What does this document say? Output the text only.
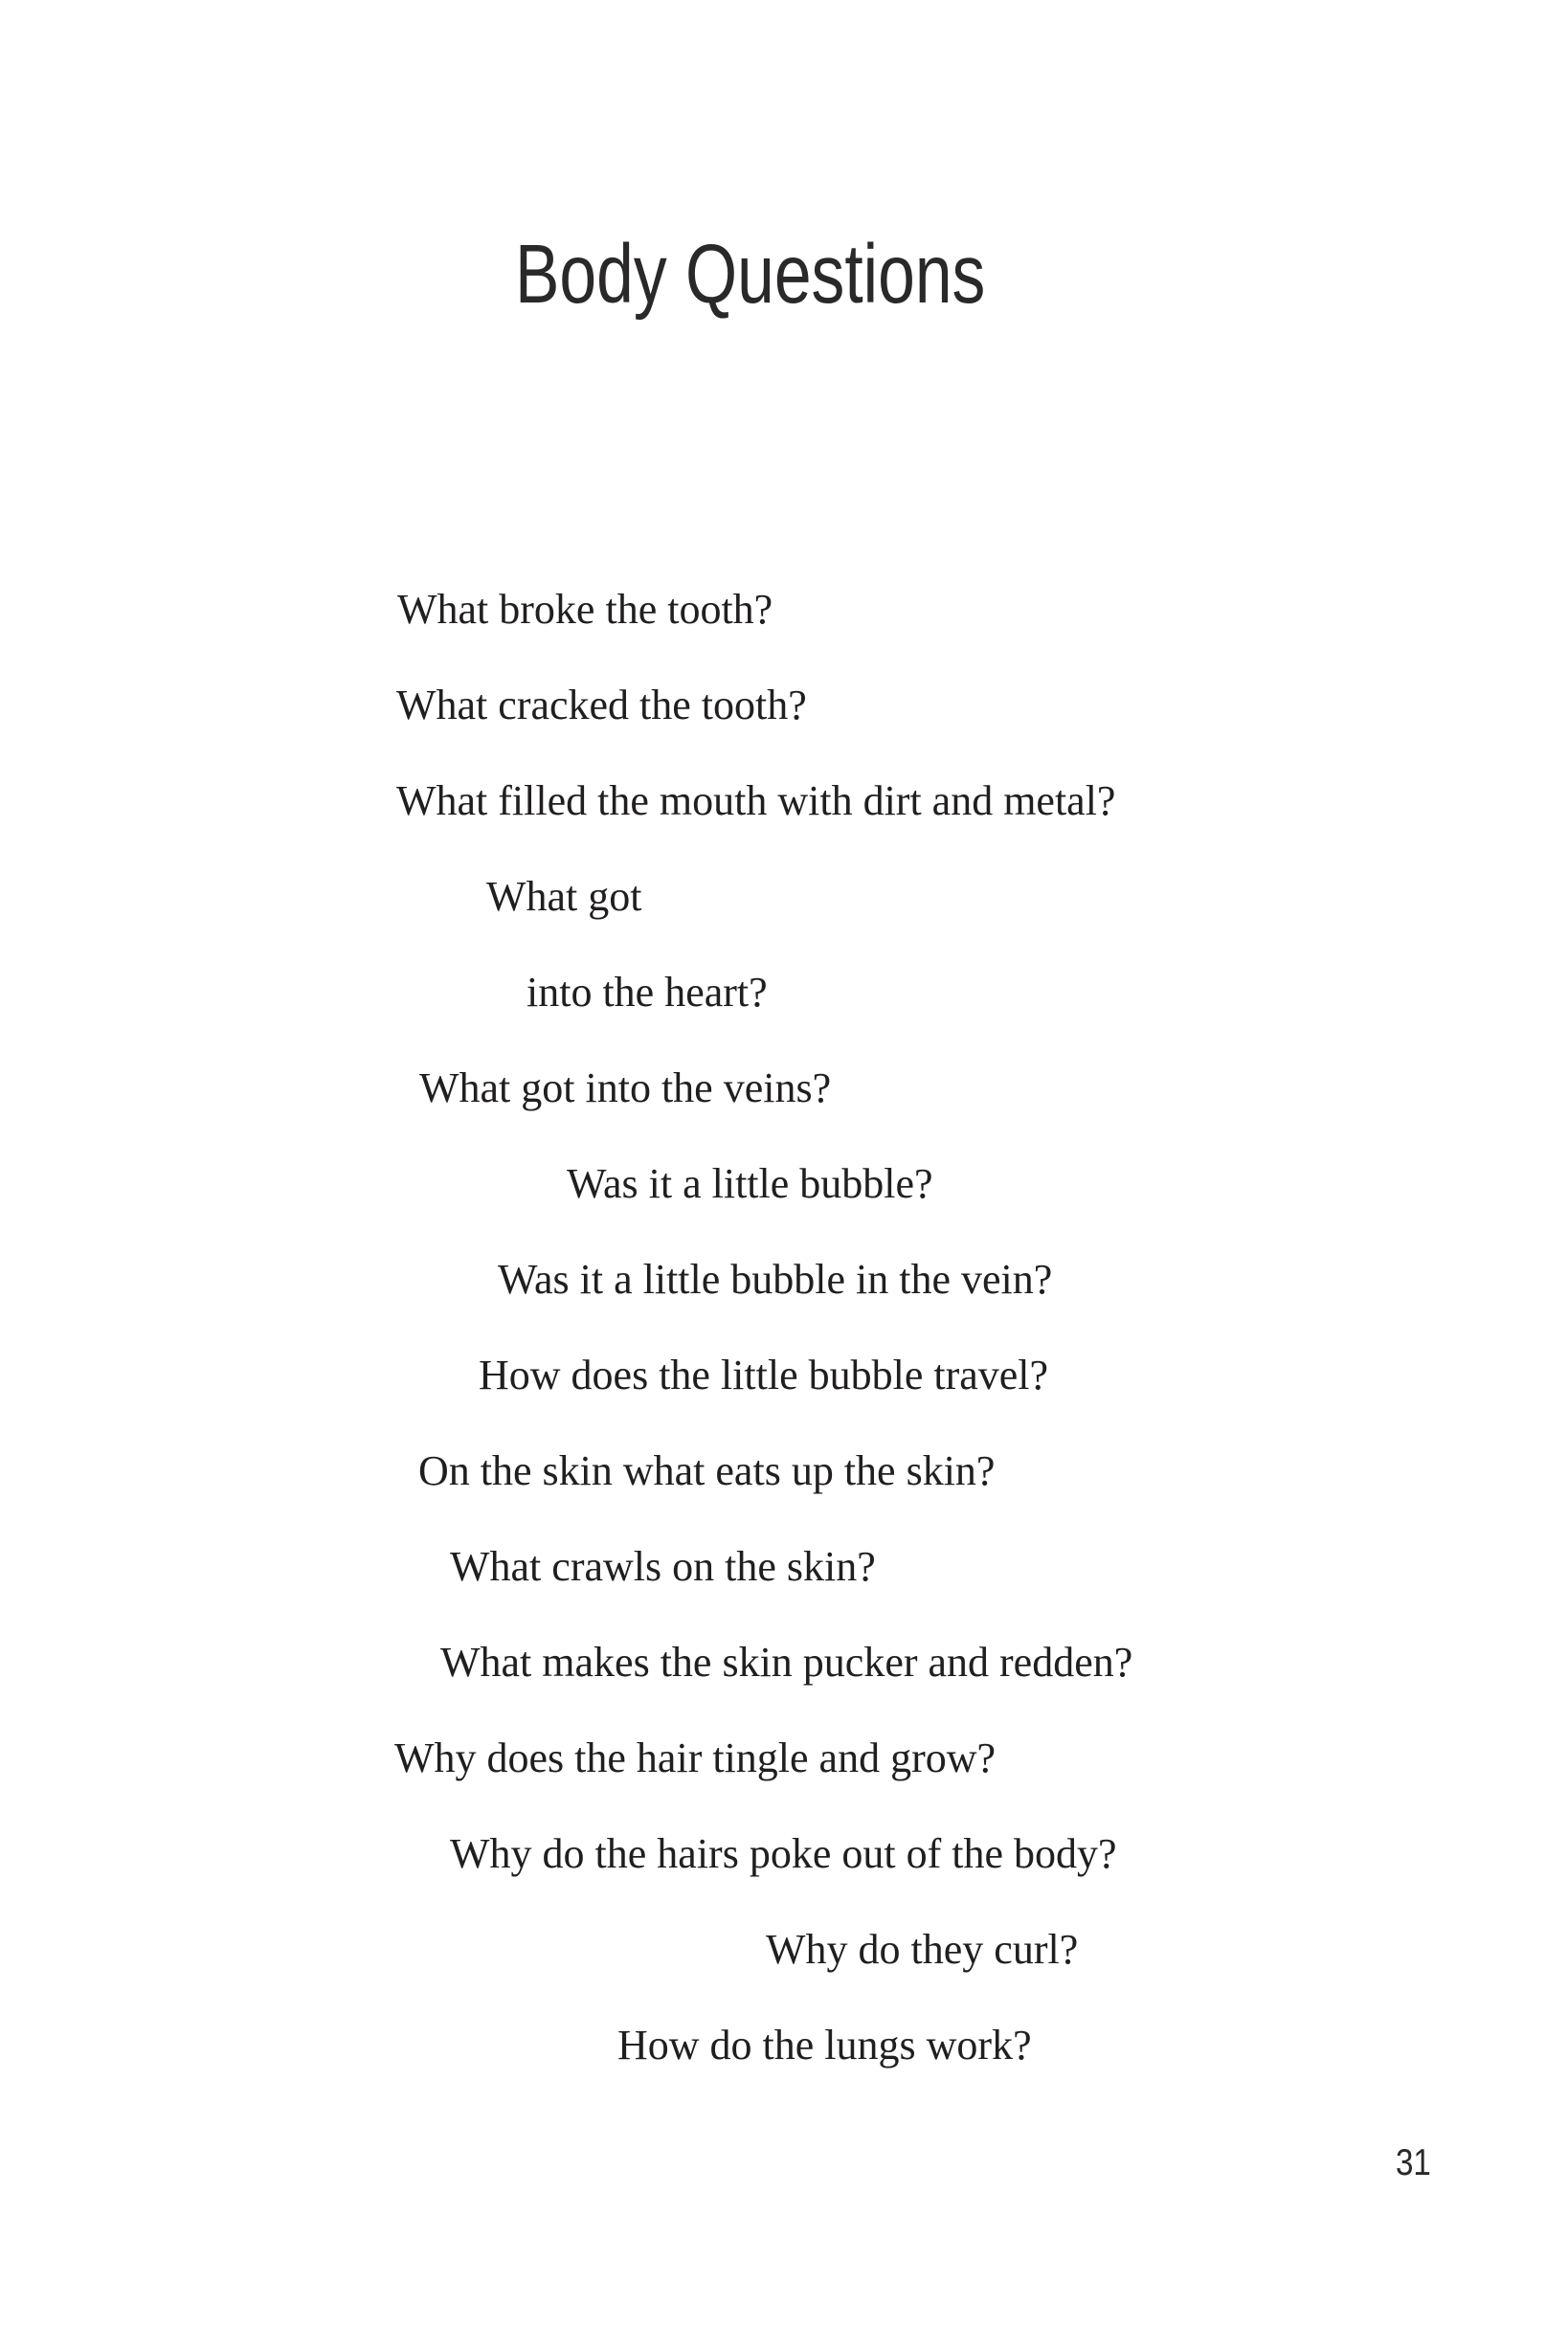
Body Questions
What broke the tooth?
What cracked the tooth?
What filled the mouth with dirt and metal?
What got
into the heart?
What got into the veins?
Was it a little bubble?
Was it a little bubble in the vein?
How does the little bubble travel?
On the skin what eats up the skin?
What crawls on the skin?
What makes the skin pucker and redden?
Why does the hair tingle and grow?
Why do the hairs poke out of the body?
Why do they curl?
How do the lungs work?
31
